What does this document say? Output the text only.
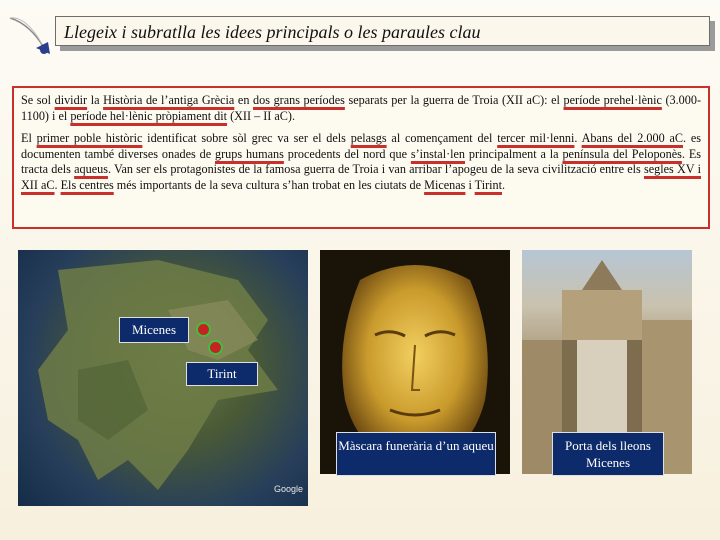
Llegeix i subratlla les idees principals o les paraules clau

Se sol dividir la Història de l’antiga Grècia en dos grans períodes separats per la guerra de Troia (XII aC): el període prehel·lènic (3.000-1100) i el període hel·lènic pròpiament dit (XII – II aC).

El primer poble històric identificat sobre sòl grec va ser el dels pelasgs al començament del tercer mil·lenni. Abans del 2.000 aC. es documenten també diverses onades de grups humans procedents del nord que s’instal·len principalment a la península del Peloponès. Es tracta dels aqueus. Van ser els protagonistes de la famosa guerra de Troia i van arribar l’apogeu de la seva civilització entre els segles XV i XII aC. Els centres més importants de la seva cultura s’han trobat en les ciutats de Micenas i Tirint.

Google
Micenes
Tirint
Màscara funerària d’un aqueu	Porta dels lleons Micenes
